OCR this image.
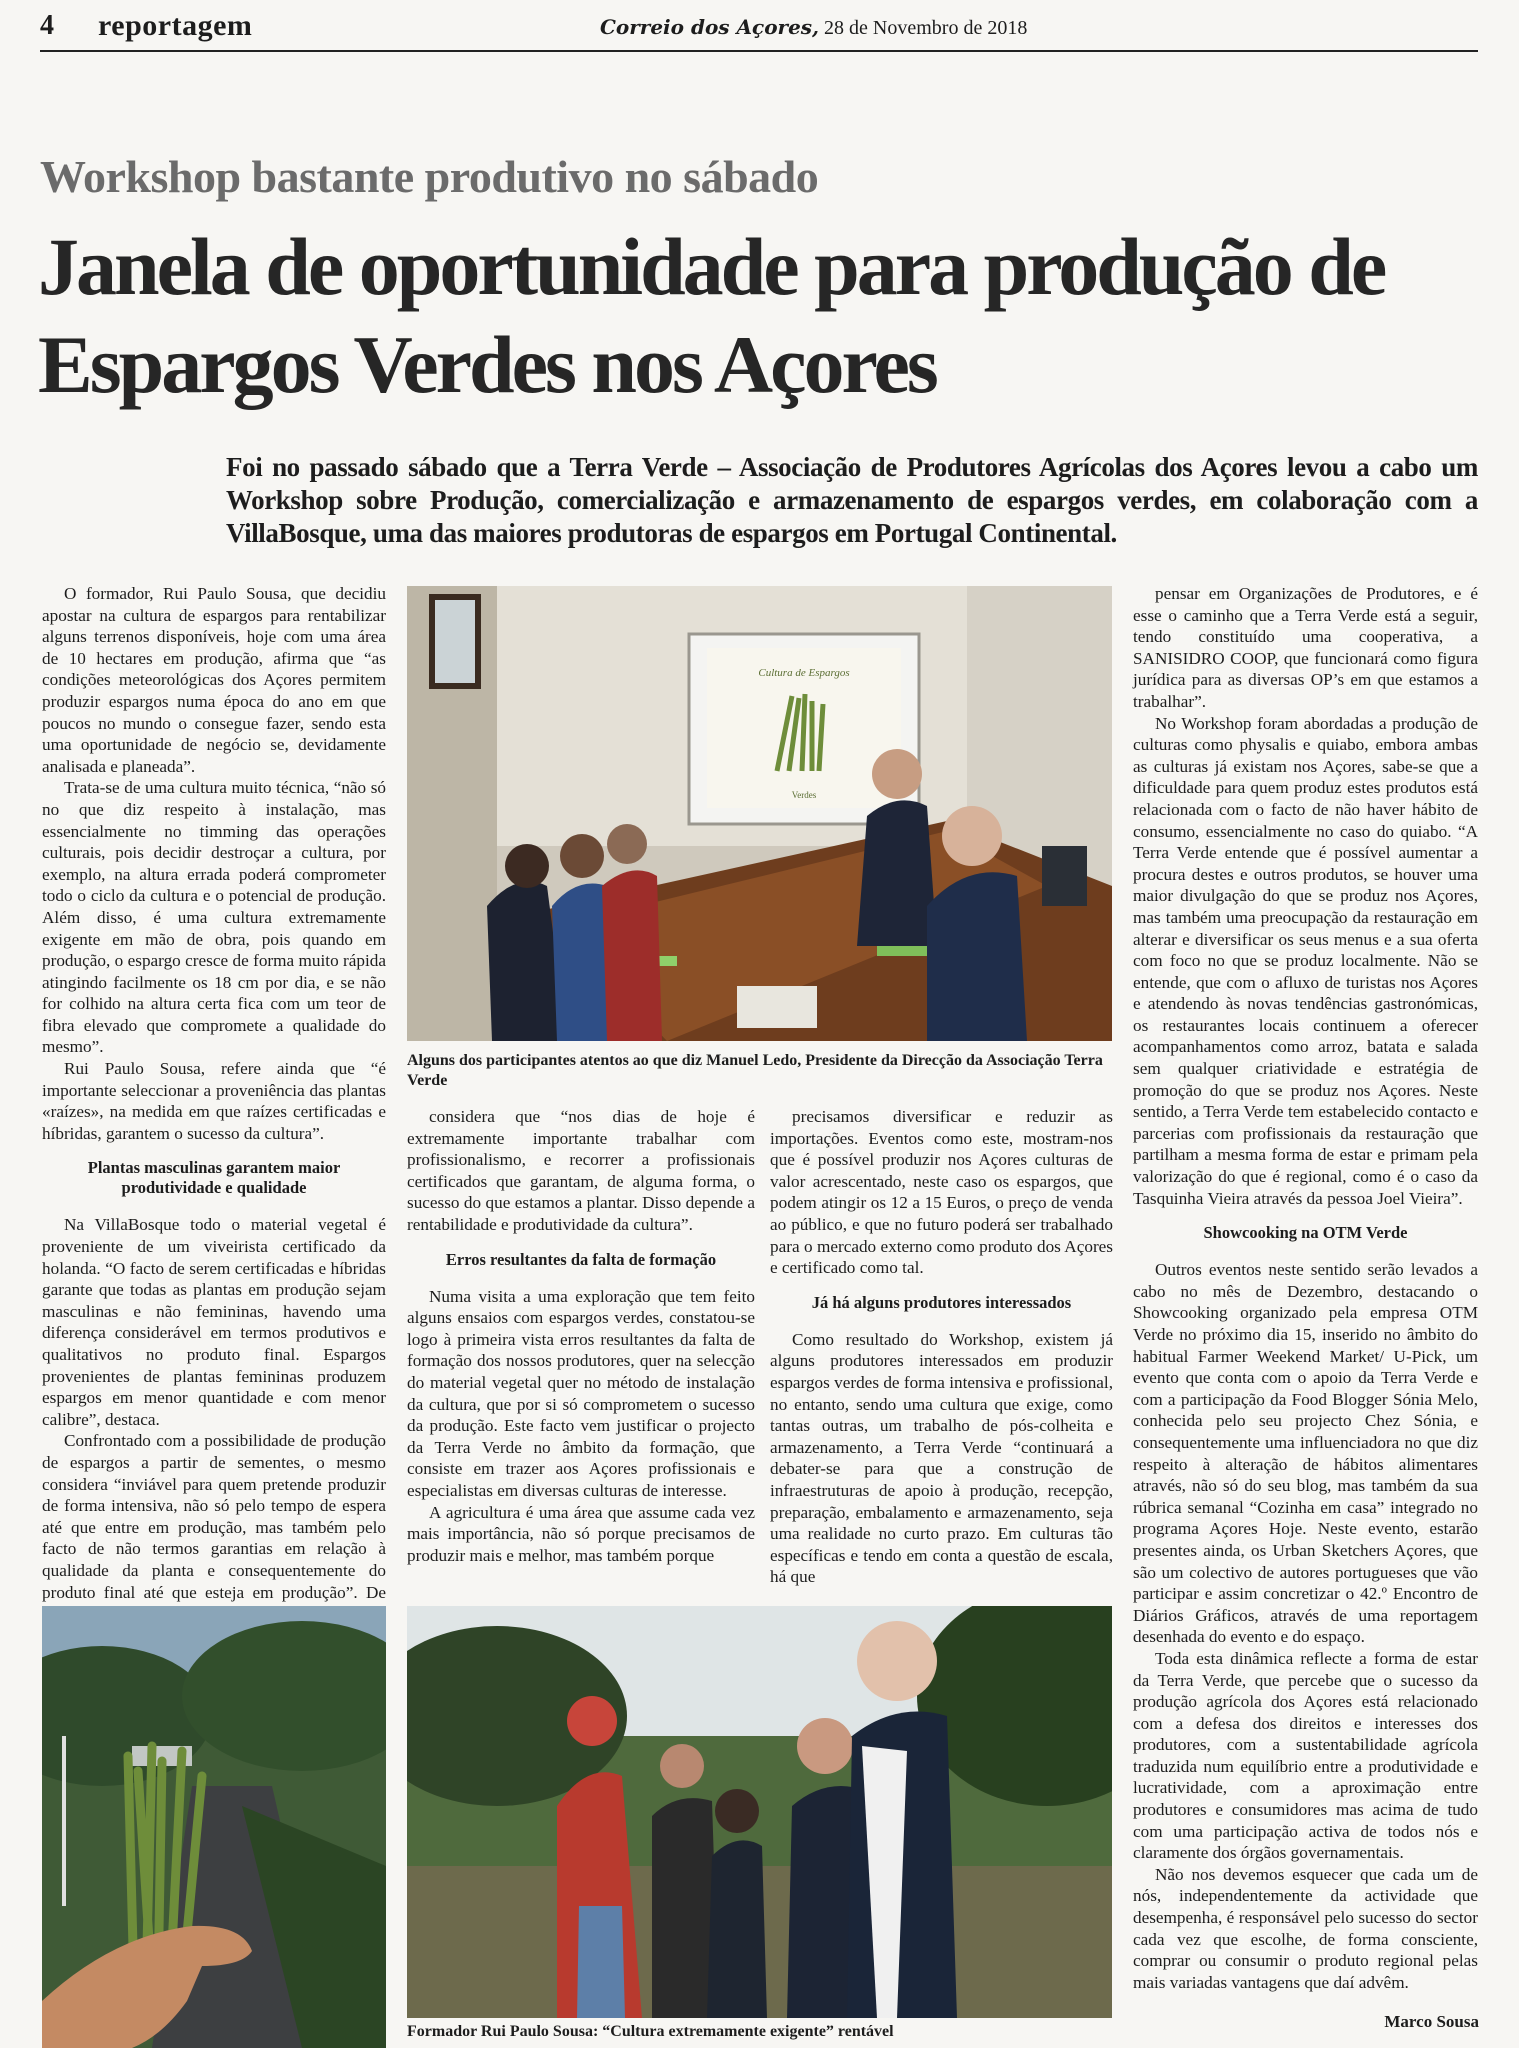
4 reportagem	Correio dos Açores, 28 de Novembro de 2018
Workshop bastante produtivo no sábado
Janela de oportunidade para produção de Espargos Verdes nos Açores
Foi no passado sábado que a Terra Verde – Associação de Produtores Agrícolas dos Açores levou a cabo um Workshop sobre Produção, comercialização e armazenamento de espargos verdes, em colaboração com a VillaBosque, uma das maiores produtoras de espargos em Portugal Continental.

O formador, Rui Paulo Sousa, que decidiu apostar na cultura de espargos para rentabilizar alguns terrenos disponíveis, hoje com uma área de 10 hectares em produção, afirma que “as condições meteorológicas dos Açores permitem produzir espargos numa época do ano em que poucos no mundo o consegue fazer, sendo esta uma oportunidade de negócio se, devidamente analisada e planeada”.

Trata-se de uma cultura muito técnica, “não só no que diz respeito à instalação, mas essencialmente no timming das operações culturais, pois decidir destroçar a cultura, por exemplo, na altura errada poderá comprometer todo o ciclo da cultura e o potencial de produção. Além disso, é uma cultura extremamente exigente em mão de obra, pois quando em produção, o espargo cresce de forma muito rápida atingindo facilmente os 18 cm por dia, e se não for colhido na altura certa fica com um teor de fibra elevado que compromete a qualidade do mesmo”.

Rui Paulo Sousa, refere ainda que “é importante seleccionar a proveniência das plantas «raízes», na medida em que raízes certificadas e híbridas, garantem o sucesso da cultura”.

Plantas masculinas garantem maior produtividade e qualidade

Na VillaBosque todo o material vegetal é proveniente de um viveirista certificado da holanda. “O facto de serem certificadas e híbridas garante que todas as plantas em produção sejam masculinas e não femininas, havendo uma diferença considerável em termos produtivos e qualitativos no produto final. Espargos provenientes de plantas femininas produzem espargos em menor quantidade e com menor calibre”, destaca.

Confrontado com a possibilidade de produção de espargos a partir de sementes, o mesmo considera “inviável para quem pretende produzir de forma intensiva, não só pelo tempo de espera até que entre em produção, mas também pelo facto de não termos garantias em relação à qualidade da planta e consequentemente do produto final até que esteja em produção”. De

considera que “nos dias de hoje é extremamente importante trabalhar com profissionalismo, e recorrer a profissionais certificados que garantam, de alguma forma, o sucesso do que estamos a plantar. Disso depende a rentabilidade e produtividade da cultura”.

Erros resultantes da falta de formação

Numa visita a uma exploração que tem feito alguns ensaios com espargos verdes, constatou-se logo à primeira vista erros resultantes da falta de formação dos nossos produtores, quer na selecção do material vegetal quer no método de instalação da cultura, que por si só comprometem o sucesso da produção. Este facto vem justificar o projecto da Terra Verde no âmbito da formação, que consiste em trazer aos Açores profissionais e especialistas em diversas culturas de interesse.

A agricultura é uma área que assume cada vez mais importância, não só porque precisamos de produzir mais e melhor, mas também porque

precisamos diversificar e reduzir as importações. Eventos como este, mostram-nos que é possível produzir nos Açores culturas de valor acrescentado, neste caso os espargos, que podem atingir os 12 a 15 Euros, o preço de venda ao público, e que no futuro poderá ser trabalhado para o mercado externo como produto dos Açores e certificado como tal.

Já há alguns produtores interessados

Como resultado do Workshop, existem já alguns produtores interessados em produzir espargos verdes de forma intensiva e profissional, no entanto, sendo uma cultura que exige, como tantas outras, um trabalho de pós-colheita e armazenamento, a Terra Verde “continuará a debater-se para que a construção de infraestruturas de apoio à produção, recepção, preparação, embalamento e armazenamento, seja uma realidade no curto prazo. Em culturas tão específicas e tendo em conta a questão de escala, há que

pensar em Organizações de Produtores, e é esse o caminho que a Terra Verde está a seguir, tendo constituído uma cooperativa, a SANISIDRO COOP, que funcionará como figura jurídica para as diversas OP’s em que estamos a trabalhar”.

No Workshop foram abordadas a produção de culturas como physalis e quiabo, embora ambas as culturas já existam nos Açores, sabe-se que a dificuldade para quem produz estes produtos está relacionada com o facto de não haver hábito de consumo, essencialmente no caso do quiabo. “A Terra Verde entende que é possível aumentar a procura destes e outros produtos, se houver uma maior divulgação do que se produz nos Açores, mas também uma preocupação da restauração em alterar e diversificar os seus menus e a sua oferta com foco no que se produz localmente. Não se entende, que com o afluxo de turistas nos Açores e atendendo às novas tendências gastronómicas, os restaurantes locais continuem a oferecer acompanhamentos como arroz, batata e salada sem qualquer criatividade e estratégia de promoção do que se produz nos Açores. Neste sentido, a Terra Verde tem estabelecido contacto e parcerias com profissionais da restauração que partilham a mesma forma de estar e primam pela valorização do que é regional, como é o caso da Tasquinha Vieira através da pessoa Joel Vieira”.

Showcooking na OTM Verde

Outros eventos neste sentido serão levados a cabo no mês de Dezembro, destacando o Showcooking organizado pela empresa OTM Verde no próximo dia 15, inserido no âmbito do habitual Farmer Weekend Market/ U-Pick, um evento que conta com o apoio da Terra Verde e com a participação da Food Blogger Sónia Melo, conhecida pelo seu projecto Chez Sónia, e consequentemente uma influenciadora no que diz respeito à alteração de hábitos alimentares através, não só do seu blog, mas também da sua rúbrica semanal “Cozinha em casa” integrado no programa Açores Hoje. Neste evento, estarão presentes ainda, os Urban Sketchers Açores, que são um colectivo de autores portugueses que vão participar e assim concretizar o 42.º Encontro de Diários Gráficos, através de uma reportagem desenhada do evento e do espaço.

Toda esta dinâmica reflecte a forma de estar da Terra Verde, que percebe que o sucesso da produção agrícola dos Açores está relacionado com a defesa dos direitos e interesses dos produtores, com a sustentabilidade agrícola traduzida num equilíbrio entre a produtividade e lucratividade, com a aproximação entre produtores e consumidores mas acima de tudo com uma participação activa de todos nós e claramente dos órgãos governamentais.

Não nos devemos esquecer que cada um de nós, independentemente da actividade que desempenha, é responsável pelo sucesso do sector cada vez que escolhe, de forma consciente, comprar ou consumir o produto regional pelas mais variadas vantagens que daí advêm.

Marco Sousa
Cultura de Espargos
Verdes
Alguns dos participantes atentos ao que diz Manuel Ledo, Presidente da Direcção da Associação Terra Verde
Formador Rui Paulo Sousa: “Cultura extremamente exigente” rentável
